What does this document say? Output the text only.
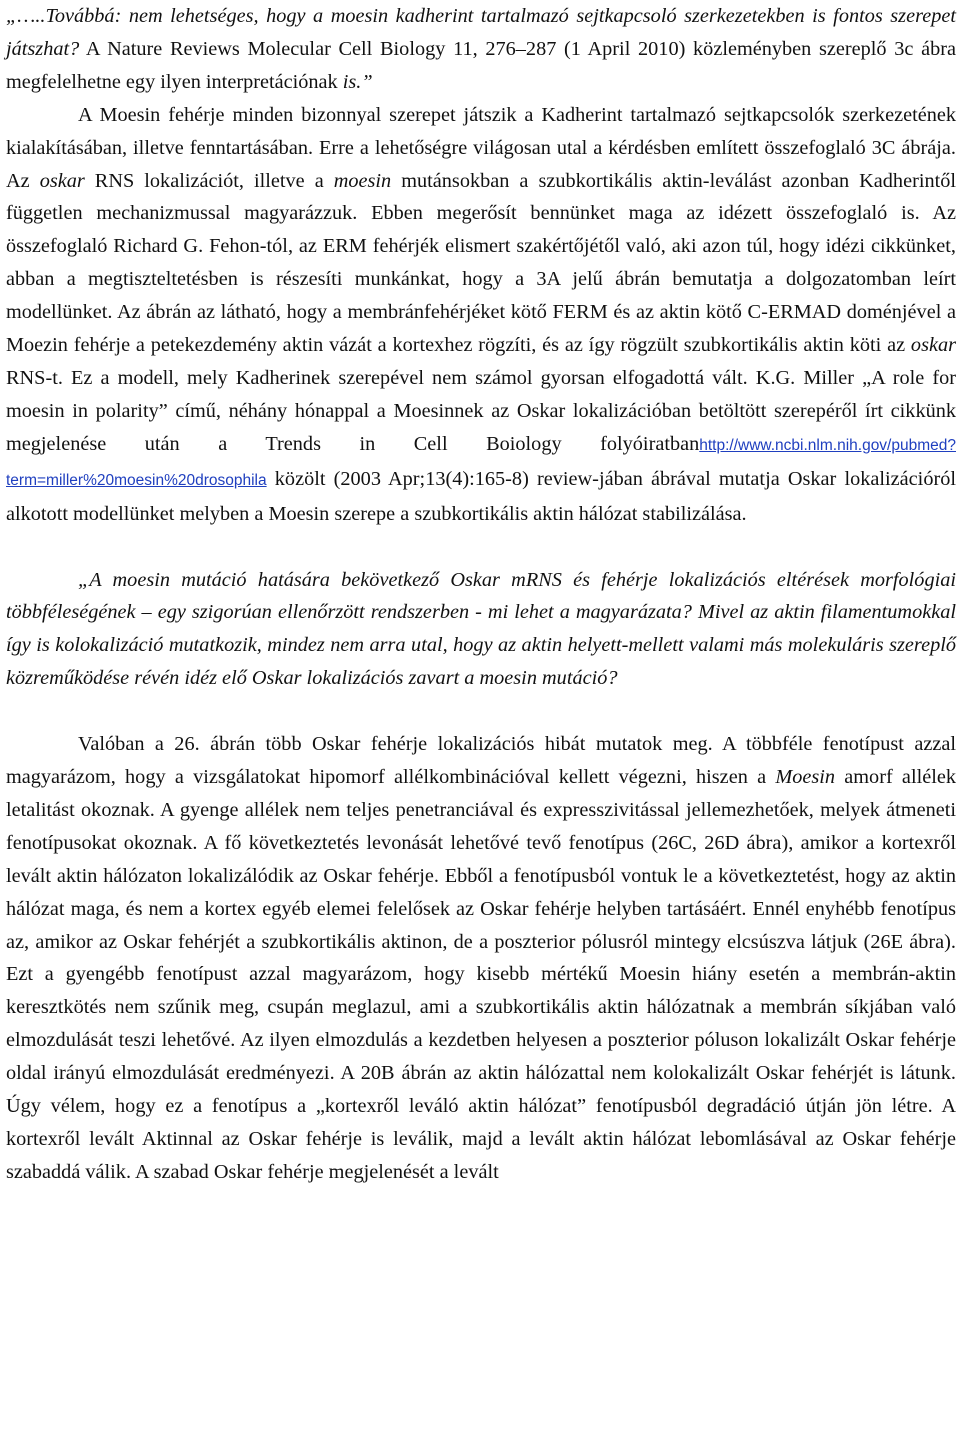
„…..Továbbá: nem lehetséges, hogy a moesin kadherint tartalmazó sejtkapcsoló szerkezetekben is fontos szerepet játszhat? A Nature Reviews Molecular Cell Biology 11, 276–287 (1 April 2010) közleményben szereplő 3c ábra megfelelhetne egy ilyen interpretációnak is.”

A Moesin fehérje minden bizonnyal szerepet játszik a Kadherint tartalmazó sejtkapcsolók szerkezetének kialakításában, illetve fenntartásában. Erre a lehetőségre világosan utal a kérdésben említett összefoglaló 3C ábrája. Az oskar RNS lokalizációt, illetve a moesin mutánsokban a szubkortikális aktin-leválást azonban Kadherintől független mechanizmussal magyarázzuk. Ebben megerősít bennünket maga az idézett összefoglaló is. Az összefoglaló Richard G. Fehon-tól, az ERM fehérjék elismert szakértőjétől való, aki azon túl, hogy idézi cikkünket, abban a megtiszteltetésben is részesíti munkánkat, hogy a 3A jelű ábrán bemutatja a dolgozatomban leírt modellünket. Az ábrán az látható, hogy a membránfehérjéket kötő FERM és az aktin kötő C-ERMAD doménjével a Moezin fehérje a petekezdemény aktin vázát a kortexhez rögzíti, és az így rögzült szubkortikális aktin köti az oskar RNS-t. Ez a modell, mely Kadherinek szerepével nem számol gyorsan elfogadottá vált. K.G. Miller „A role for moesin in polarity” című, néhány hónappal a Moesinnek az Oskar lokalizációban betöltött szerepéről írt cikkünk megjelenése után a Trends in Cell Boiology folyóiratbanhttp://www.ncbi.nlm.nih.gov/pubmed?term=miller%20moesin%20drosophila közölt (2003 Apr;13(4):165-8) review-jában ábrával mutatja Oskar lokalizációról alkotott modellünket melyben a Moesin szerepe a szubkortikális aktin hálózat stabilizálása.

„A moesin mutáció hatására bekövetkező Oskar mRNS és fehérje lokalizációs eltérések morfológiai többféleségének – egy szigorúan ellenőrzött rendszerben - mi lehet a magyarázata? Mivel az aktin filamentumokkal így is kolokalizáció mutatkozik, mindez nem arra utal, hogy az aktin helyett-mellett valami más molekuláris szereplő közreműködése révén idéz elő Oskar lokalizációs zavart a moesin mutáció?

Valóban a 26. ábrán több Oskar fehérje lokalizációs hibát mutatok meg. A többféle fenotípust azzal magyarázom, hogy a vizsgálatokat hipomorf allélkombinációval kellett végezni, hiszen a Moesin amorf allélek letalitást okoznak. A gyenge allélek nem teljes penetranciával és expresszivitással jellemezhetőek, melyek átmeneti fenotípusokat okoznak. A fő következtetés levonását lehetővé tevő fenotípus (26C, 26D ábra), amikor a kortexről levált aktin hálózaton lokalizálódik az Oskar fehérje. Ebből a fenotípusból vontuk le a következtetést, hogy az aktin hálózat maga, és nem a kortex egyéb elemei felelősek az Oskar fehérje helyben tartásáért. Ennél enyhébb fenotípus az, amikor az Oskar fehérjét a szubkortikális aktinon, de a poszterior pólusról mintegy elcsúszva látjuk (26E ábra). Ezt a gyengébb fenotípust azzal magyarázom, hogy kisebb mértékű Moesin hiány esetén a membrán-aktin keresztkötés nem szűnik meg, csupán meglazul, ami a szubkortikális aktin hálózatnak a membrán síkjában való elmozdulását teszi lehetővé. Az ilyen elmozdulás a kezdetben helyesen a poszterior póluson lokalizált Oskar fehérje oldal irányú elmozdulását eredményezi. A 20B ábrán az aktin hálózattal nem kolokalizált Oskar fehérjét is látunk. Úgy vélem, hogy ez a fenotípus a „kortexről leváló aktin hálózat” fenotípusból degradáció útján jön létre. A kortexről levált Aktinnal az Oskar fehérje is leválik, majd a levált aktin hálózat lebomlásával az Oskar fehérje szabaddá válik. A szabad Oskar fehérje megjelenését a levált
